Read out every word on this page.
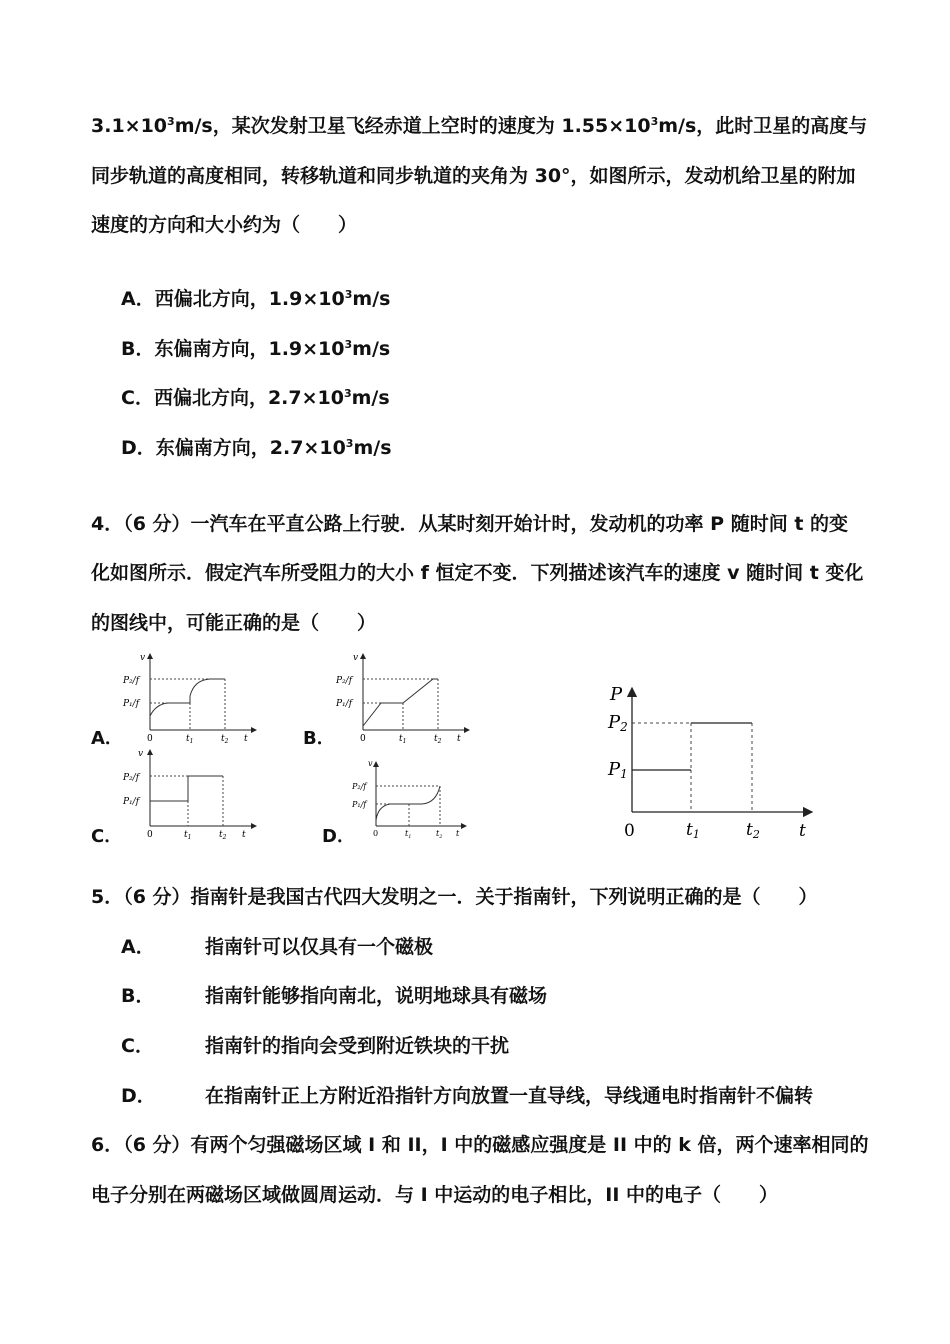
$3.1\times 10^3m/s$，某次发射卫星飞经赤道上空时的速度为 $1.55\times 10^3m/s$，此时卫星的高度与
同步轨道的高度相同，转移轨道和同步轨道的夹角为 30°，如图所示，发动机给卫星的附加
速度的方向和大小约为（　　）
A．西偏北方向，$1.9\times 10^3m/s$
B．东偏南方向，$1.9\times 10^3m/s$
C．西偏北方向，$2.7\times 10^3m/s$
D．东偏南方向，$2.7\times 10^3m/s$
4．（6 分）一汽车在平直公路上行驶．从某时刻开始计时，发动机的功率 P 随时间 t 的变
化如图所示．假定汽车所受阻力的大小 f 恒定不变．下列描述该汽车的速度 v 随时间 t 变化
的图线中，可能正确的是（　　）
A．	B．
C．	D．
v
P₂/f
P₁/f
0	$t_1$	$t_2$ t
v
P₂/f
P₁/f
0	$t_1$	$t_2$ t
v
P₂/f
P₁/f
0	$t_1$	$t_2$ t
v
P₂/f
P₁/f
0	$t_1$	$t_2$ t
P
P2
P1
0	t1	t2 t
5．（6 分）指南针是我国古代四大发明之一．关于指南针，下列说明正确的是（　　）
A．	指南针可以仅具有一个磁极
B．	指南针能够指向南北，说明地球具有磁场
C．	指南针的指向会受到附近铁块的干扰
D．	在指南针正上方附近沿指针方向放置一直导线，导线通电时指南针不偏转
6．（6 分）有两个匀强磁场区域 I 和 II，I 中的磁感应强度是 II 中的 k 倍，两个速率相同的
电子分别在两磁场区域做圆周运动．与 I 中运动的电子相比，II 中的电子（　　）
